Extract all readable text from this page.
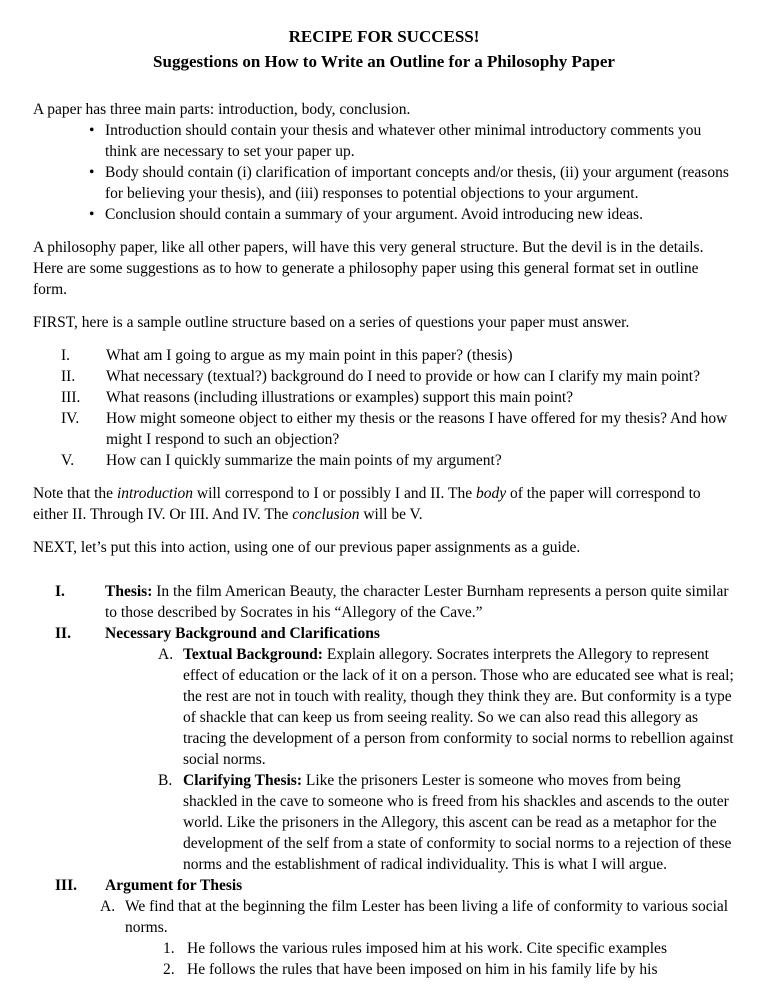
RECIPE FOR SUCCESS!
Suggestions on How to Write an Outline for a Philosophy Paper

A paper has three main parts: introduction, body, conclusion.

• Introduction should contain your thesis and whatever other minimal introductory comments you think are necessary to set your paper up.
• Body should contain (i) clarification of important concepts and/or thesis, (ii) your argument (reasons for believing your thesis), and (iii) responses to potential objections to your argument.
• Conclusion should contain a summary of your argument. Avoid introducing new ideas.

A philosophy paper, like all other papers, will have this very general structure. But the devil is in the details. Here are some suggestions as to how to generate a philosophy paper using this general format set in outline form.

FIRST, here is a sample outline structure based on a series of questions your paper must answer.

I.	What am I going to argue as my main point in this paper? (thesis)
II.	What necessary (textual?) background do I need to provide or how can I clarify my main point?
III.	What reasons (including illustrations or examples) support this main point?
IV.	How might someone object to either my thesis or the reasons I have offered for my thesis? And how might I respond to such an objection?
V.	How can I quickly summarize the main points of my argument?

Note that the introduction will correspond to I or possibly I and II. The body of the paper will correspond to either II. Through IV. Or III. And IV. The conclusion will be V.

NEXT, let’s put this into action, using one of our previous paper assignments as a guide.

I.	Thesis: In the film American Beauty, the character Lester Burnham represents a person quite similar to those described by Socrates in his “Allegory of the Cave.”
II.	Necessary Background and Clarifications
A. Textual Background: Explain allegory. Socrates interprets the Allegory to represent effect of education or the lack of it on a person. Those who are educated see what is real; the rest are not in touch with reality, though they think they are. But conformity is a type of shackle that can keep us from seeing reality. So we can also read this allegory as tracing the development of a person from conformity to social norms to rebellion against social norms.
B. Clarifying Thesis: Like the prisoners Lester is someone who moves from being shackled in the cave to someone who is freed from his shackles and ascends to the outer world. Like the prisoners in the Allegory, this ascent can be read as a metaphor for the development of the self from a state of conformity to social norms to a rejection of these norms and the establishment of radical individuality. This is what I will argue.
III.	Argument for Thesis
A. We find that at the beginning the film Lester has been living a life of conformity to various social norms.
1. He follows the various rules imposed him at his work. Cite specific examples
2. He follows the rules that have been imposed on him in his family life by his
